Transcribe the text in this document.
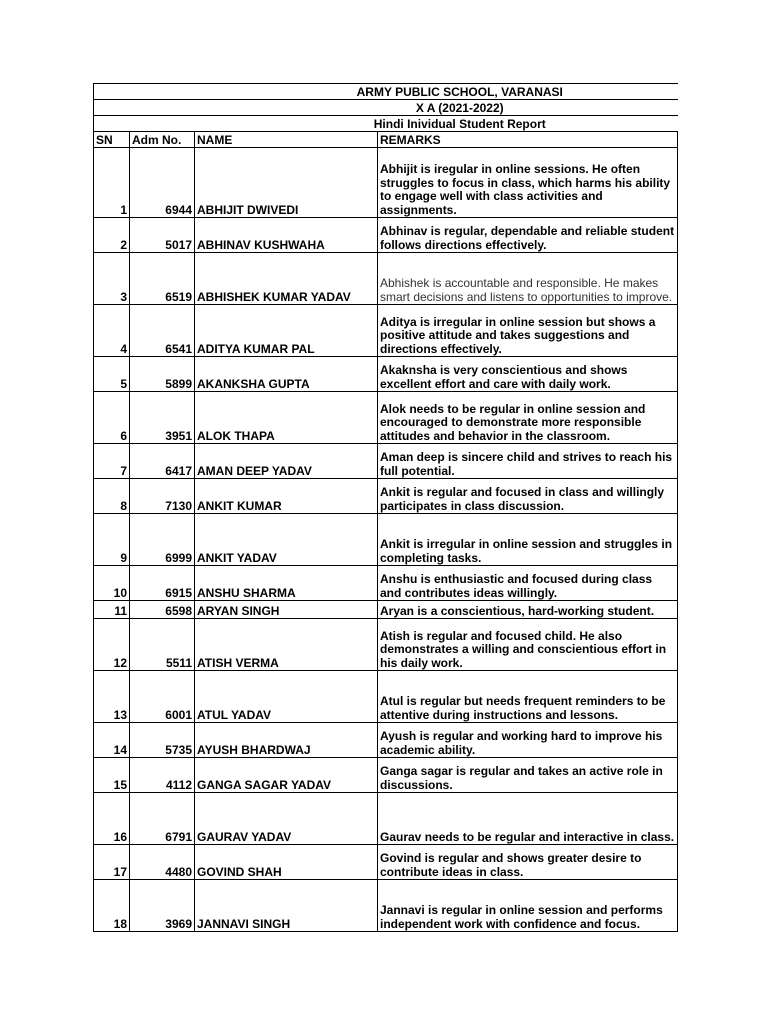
ARMY PUBLIC SCHOOL, VARANASI			
X A (2021-2022)			
Hindi Inividual Student Report			
SN	Adm No.	NAME	REMARKS
1	6944	ABHIJIT DWIVEDI	Abhijit is iregular in online sessions. He often struggles to focus in class, which harms his ability to engage well with class activities and assignments.
2	5017	ABHINAV KUSHWAHA	Abhinav is regular, dependable and reliable student follows directions effectively.
3	6519	ABHISHEK KUMAR YADAV	Abhishek is accountable and responsible. He makes smart decisions and listens to opportunities to improve.
4	6541	ADITYA KUMAR PAL	Aditya is irregular in online session but shows a positive attitude and takes suggestions and directions effectively.
5	5899	AKANKSHA GUPTA	Akaknsha is very conscientious and shows excellent effort and care with daily work.
6	3951	ALOK THAPA	Alok needs to be regular in online session and encouraged to demonstrate more responsible attitudes and behavior in the classroom.
7	6417	AMAN DEEP YADAV	Aman deep is sincere child and strives to reach his full potential.
8	7130	ANKIT KUMAR	Ankit is regular and focused in class and willingly participates in class discussion.
9	6999	ANKIT YADAV	Ankit is irregular in online session and struggles in completing tasks.
10	6915	ANSHU SHARMA	Anshu is enthusiastic and focused during class and contributes ideas willingly.
11	6598	ARYAN SINGH	Aryan is a conscientious, hard-working student.
12	5511	ATISH VERMA	Atish is regular and focused child. He also demonstrates a willing and conscientious effort in his daily work.
13	6001	ATUL YADAV	Atul is regular but needs frequent reminders to be attentive during instructions and lessons.
14	5735	AYUSH BHARDWAJ	Ayush is regular and working hard to improve his academic ability.
15	4112	GANGA SAGAR YADAV	Ganga sagar is regular and takes an active role in discussions.
16	6791	GAURAV YADAV	Gaurav needs to be regular and interactive in class.
17	4480	GOVIND SHAH	Govind is regular and shows greater desire to contribute ideas in class.
18	3969	JANNAVI SINGH	Jannavi is regular in online session and performs independent work with confidence and focus.
